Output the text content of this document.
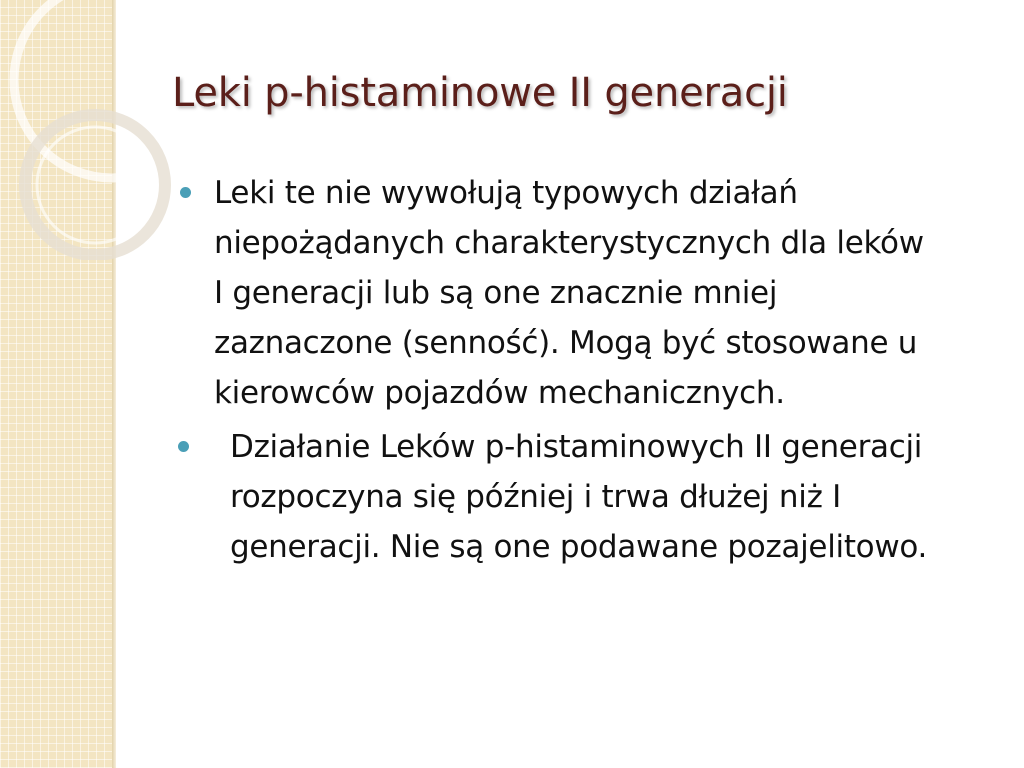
Leki p-histaminowe II generacji
Leki te nie wywołują typowych działań niepożądanych charakterystycznych dla leków I generacji lub są one znacznie mniej zaznaczone (senność). Mogą być stosowane u kierowców pojazdów mechanicznych.
Działanie Leków p-histaminowych II generacji rozpoczyna się później i trwa dłużej niż I generacji. Nie są one podawane pozajelitowo.
